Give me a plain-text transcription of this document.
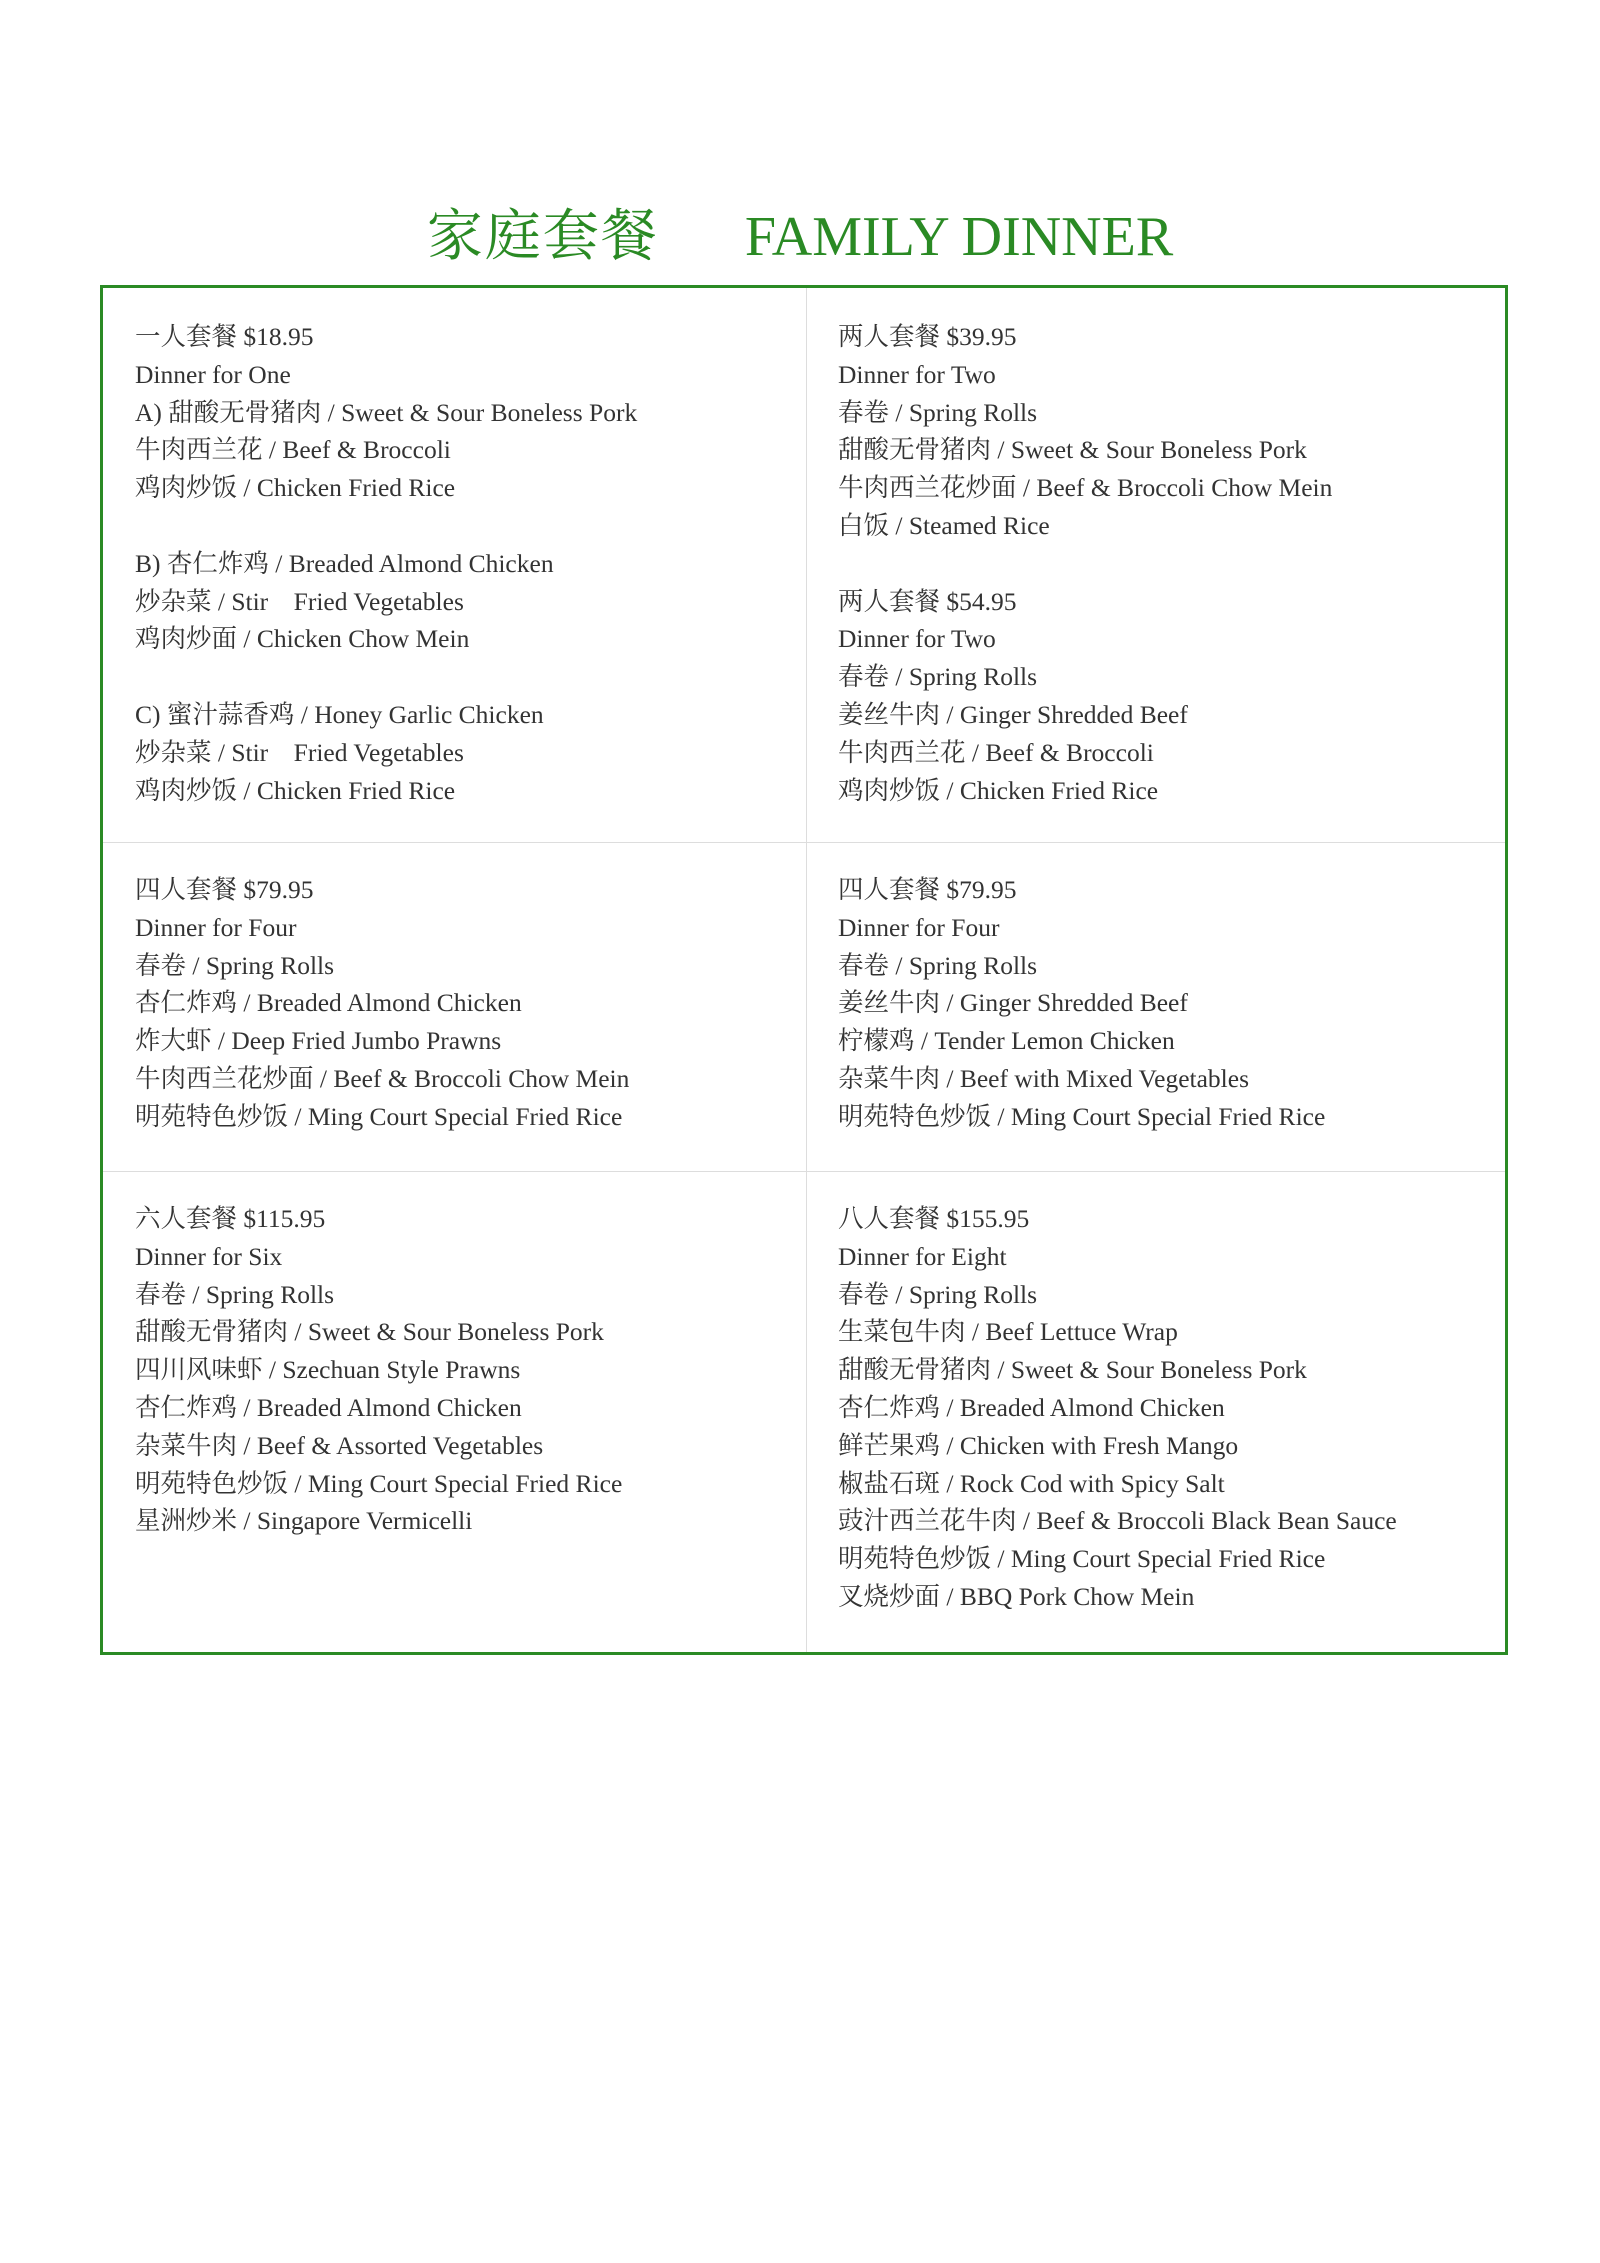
家庭套餐 FAMILY DINNER
一人套餐 $18.95
Dinner for One
A) 甜酸无骨猪肉 / Sweet & Sour Boneless Pork
牛肉西兰花 / Beef & Broccoli
鸡肉炒饭 / Chicken Fried Rice
B) 杏仁炸鸡 / Breaded Almond Chicken
炒杂菜 / Stir    Fried Vegetables
鸡肉炒面 / Chicken Chow Mein
C) 蜜汁蒜香鸡 / Honey Garlic Chicken
炒杂菜 / Stir    Fried Vegetables
鸡肉炒饭 / Chicken Fried Rice
两人套餐 $39.95
Dinner for Two
春卷 / Spring Rolls
甜酸无骨猪肉 / Sweet & Sour Boneless Pork
牛肉西兰花炒面 / Beef & Broccoli Chow Mein
白饭 / Steamed Rice
两人套餐 $54.95
Dinner for Two
春卷 / Spring Rolls
姜丝牛肉 / Ginger Shredded Beef
牛肉西兰花 / Beef & Broccoli
鸡肉炒饭 / Chicken Fried Rice
四人套餐 $79.95
Dinner for Four
春卷 / Spring Rolls
杏仁炸鸡 / Breaded Almond Chicken
炸大虾 / Deep Fried Jumbo Prawns
牛肉西兰花炒面 / Beef & Broccoli Chow Mein
明苑特色炒饭 / Ming Court Special Fried Rice
四人套餐 $79.95
Dinner for Four
春卷 / Spring Rolls
姜丝牛肉 / Ginger Shredded Beef
柠檬鸡 / Tender Lemon Chicken
杂菜牛肉 / Beef with Mixed Vegetables
明苑特色炒饭 / Ming Court Special Fried Rice
六人套餐 $115.95
Dinner for Six
春卷 / Spring Rolls
甜酸无骨猪肉 / Sweet & Sour Boneless Pork
四川风味虾 / Szechuan Style Prawns
杏仁炸鸡 / Breaded Almond Chicken
杂菜牛肉 / Beef & Assorted Vegetables
明苑特色炒饭 / Ming Court Special Fried Rice
星洲炒米 / Singapore Vermicelli
八人套餐 $155.95
Dinner for Eight
春卷 / Spring Rolls
生菜包牛肉 / Beef Lettuce Wrap
甜酸无骨猪肉 / Sweet & Sour Boneless Pork
杏仁炸鸡 / Breaded Almond Chicken
鲜芒果鸡 / Chicken with Fresh Mango
椒盐石斑 / Rock Cod with Spicy Salt
豉汁西兰花牛肉 / Beef & Broccoli Black Bean Sauce
明苑特色炒饭 / Ming Court Special Fried Rice
叉烧炒面 / BBQ Pork Chow Mein
